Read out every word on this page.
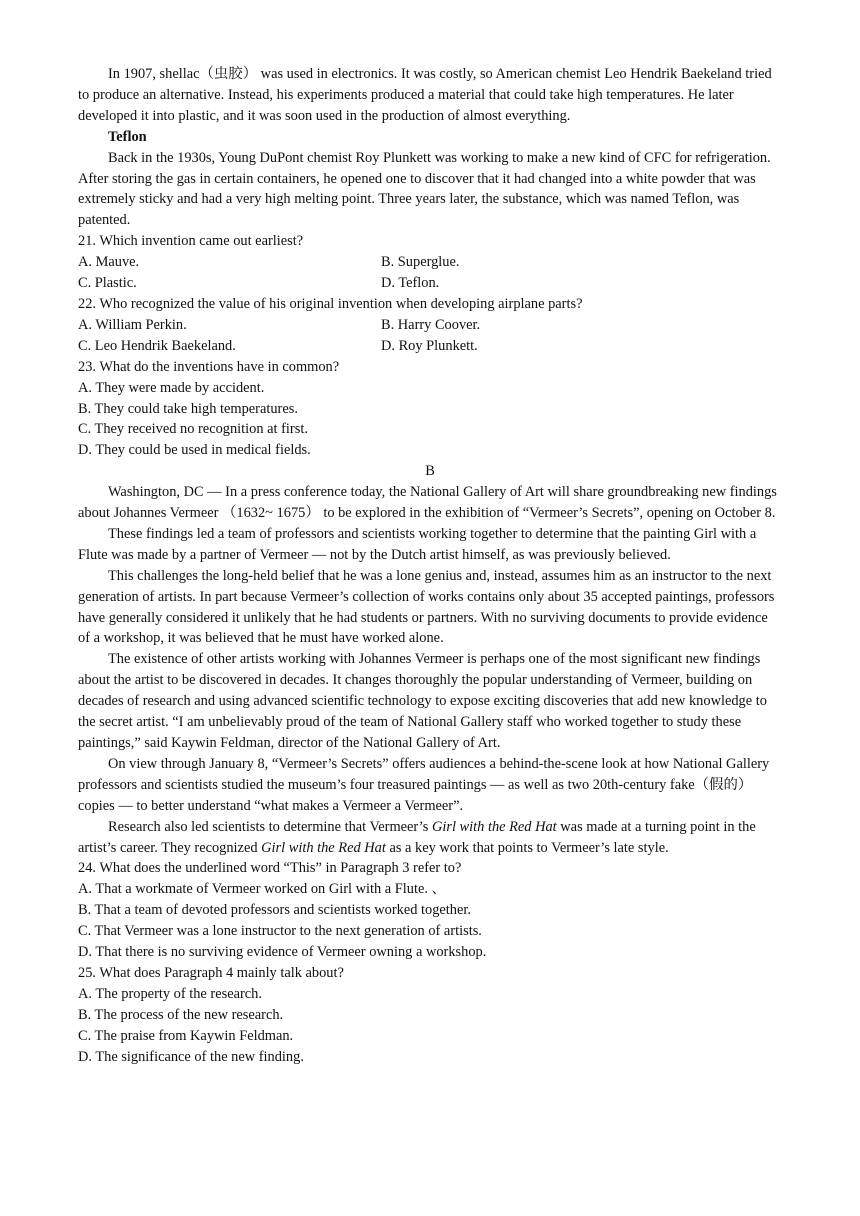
In 1907, shellac（虫胶） was used in electronics. It was costly, so American chemist Leo Hendrik Baekeland tried to produce an alternative. Instead, his experiments produced a material that could take high temperatures. He later developed it into plastic, and it was soon used in the production of almost everything.

Teflon

Back in the 1930s, Young DuPont chemist Roy Plunkett was working to make a new kind of CFC for refrigeration. After storing the gas in certain containers, he opened one to discover that it had changed into a white powder that was extremely sticky and had a very high melting point. Three years later, the substance, which was named Teflon, was patented.

21. Which invention came out earliest?

A. Mauve.	B. Superglue.
C. Plastic.	D. Teflon.

22. Who recognized the value of his original invention when developing airplane parts?

A. William Perkin.	B. Harry Coover.
C. Leo Hendrik Baekeland.	D. Roy Plunkett.

23. What do the inventions have in common?

A. They were made by accident.

B. They could take high temperatures.

C. They received no recognition at first.

D. They could be used in medical fields.

B

Washington, DC — In a press conference today, the National Gallery of Art will share groundbreaking new findings about Johannes Vermeer （1632~ 1675） to be explored in the exhibition of “Vermeer’s Secrets”, opening on October 8.

These findings led a team of professors and scientists working together to determine that the painting Girl with a Flute was made by a partner of Vermeer — not by the Dutch artist himself, as was previously believed.

This challenges the long-held belief that he was a lone genius and, instead, assumes him as an instructor to the next generation of artists. In part because Vermeer’s collection of works contains only about 35 accepted paintings, professors have generally considered it unlikely that he had students or partners. With no surviving documents to provide evidence of a workshop, it was believed that he must have worked alone.

The existence of other artists working with Johannes Vermeer is perhaps one of the most significant new findings about the artist to be discovered in decades. It changes thoroughly the popular understanding of Vermeer, building on decades of research and using advanced scientific technology to expose exciting discoveries that add new knowledge to the secret artist. “I am unbelievably proud of the team of National Gallery staff who worked together to study these paintings,” said Kaywin Feldman, director of the National Gallery of Art.

On view through January 8, “Vermeer’s Secrets” offers audiences a behind-the-scene look at how National Gallery professors and scientists studied the museum’s four treasured paintings — as well as two 20th-century fake（假的） copies — to better understand “what makes a Vermeer a Vermeer”.

Research also led scientists to determine that Vermeer’s Girl with the Red Hat was made at a turning point in the artist’s career. They recognized Girl with the Red Hat as a key work that points to Vermeer’s late style.

24. What does the underlined word “This” in Paragraph 3 refer to?

A. That a workmate of Vermeer worked on Girl with a Flute. 、

B. That a team of devoted professors and scientists worked together.

C. That Vermeer was a lone instructor to the next generation of artists.

D. That there is no surviving evidence of Vermeer owning a workshop.

25. What does Paragraph 4 mainly talk about?

A. The property of the research.

B. The process of the new research.

C. The praise from Kaywin Feldman.

D. The significance of the new finding.
